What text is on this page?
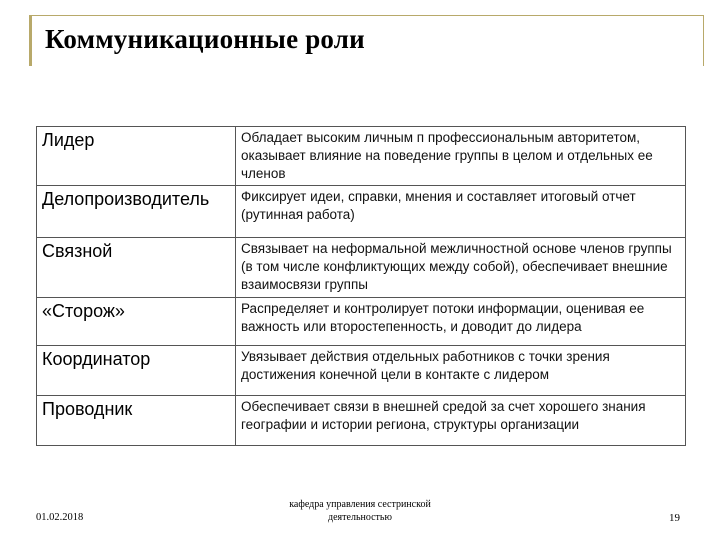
Коммуникационные роли
Лидер	Обладает высоким личным п профессиональным авторитетом, оказывает влияние на поведение группы в целом и отдельных ее членов
Делопроизводитель	Фиксирует идеи, справки, мнения и составляет итоговый отчет (рутинная работа)
Связной	Связывает на неформальной межличностной основе членов группы (в том числе конфликтующих между собой), обеспечивает внешние взаимосвязи группы
«Сторож»	Распределяет и контролирует потоки информации, оценивая ее важность или второстепенность, и доводит до лидера
Координатор	Увязывает действия отдельных работников с точки зрения достижения конечной цели в контакте с лидером
Проводник	Обеспечивает связи в внешней средой за счет хорошего знания географии и истории региона, структуры организации
01.02.2018
кафедра управления сестринской деятельностью	19
